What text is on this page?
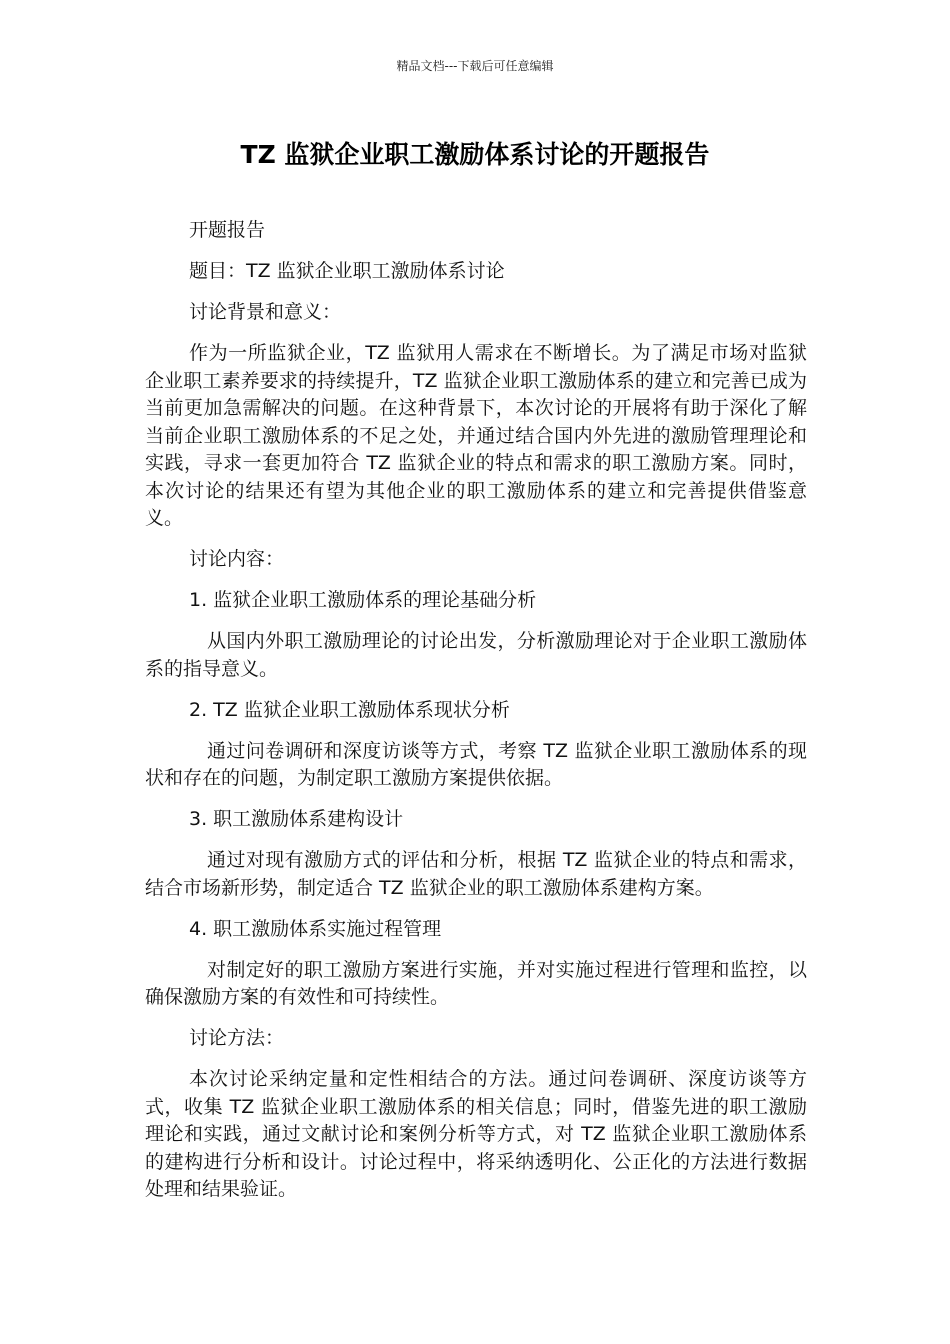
精品文档---下载后可任意编辑
TZ 监狱企业职工激励体系讨论的开题报告

开题报告

题目：TZ 监狱企业职工激励体系讨论

讨论背景和意义：

作为一所监狱企业，TZ 监狱用人需求在不断增长。为了满足市场对监狱企业职工素养要求的持续提升，TZ 监狱企业职工激励体系的建立和完善已成为当前更加急需解决的问题。在这种背景下，本次讨论的开展将有助于深化了解当前企业职工激励体系的不足之处，并通过结合国内外先进的激励管理理论和实践，寻求一套更加符合 TZ 监狱企业的特点和需求的职工激励方案。同时，本次讨论的结果还有望为其他企业的职工激励体系的建立和完善提供借鉴意义。

讨论内容：

1. 监狱企业职工激励体系的理论基础分析

从国内外职工激励理论的讨论出发，分析激励理论对于企业职工激励体系的指导意义。

2. TZ 监狱企业职工激励体系现状分析

通过问卷调研和深度访谈等方式，考察 TZ 监狱企业职工激励体系的现状和存在的问题，为制定职工激励方案提供依据。

3. 职工激励体系建构设计

通过对现有激励方式的评估和分析，根据 TZ 监狱企业的特点和需求，结合市场新形势，制定适合 TZ 监狱企业的职工激励体系建构方案。

4. 职工激励体系实施过程管理

对制定好的职工激励方案进行实施，并对实施过程进行管理和监控，以确保激励方案的有效性和可持续性。

讨论方法：

本次讨论采纳定量和定性相结合的方法。通过问卷调研、深度访谈等方式，收集 TZ 监狱企业职工激励体系的相关信息；同时，借鉴先进的职工激励理论和实践，通过文献讨论和案例分析等方式，对 TZ 监狱企业职工激励体系的建构进行分析和设计。讨论过程中，将采纳透明化、公正化的方法进行数据处理和结果验证。
